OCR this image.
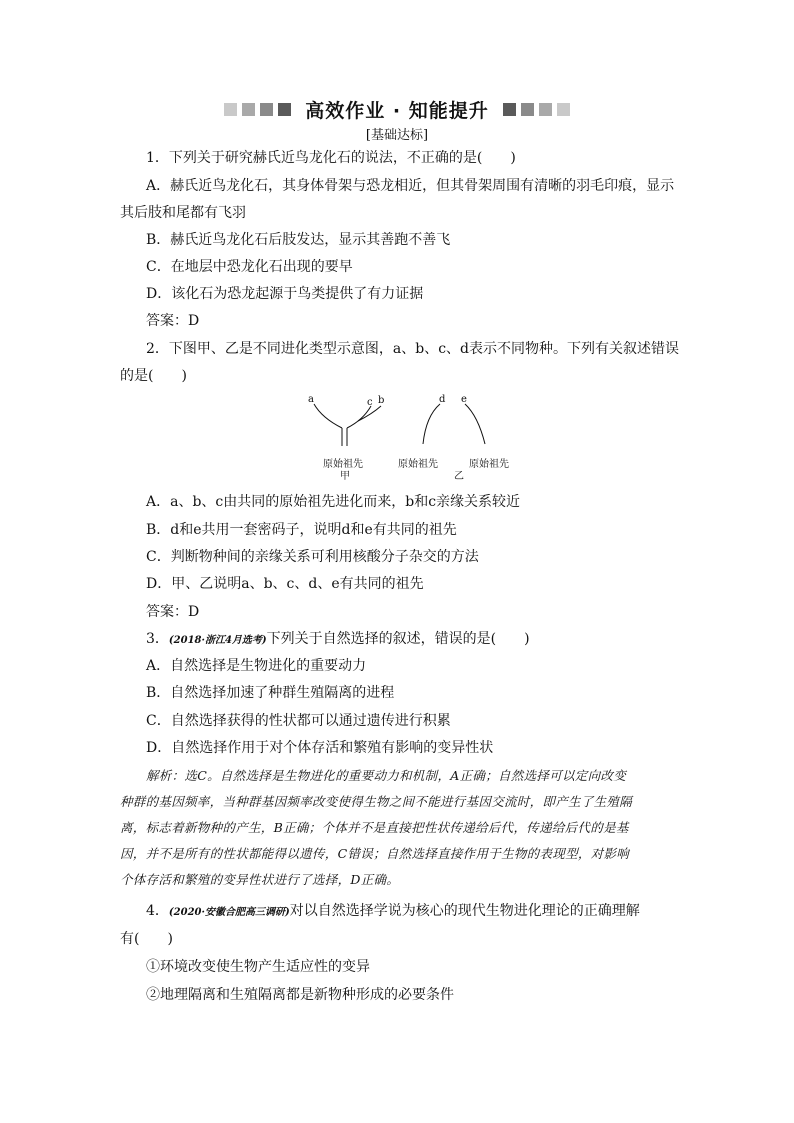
高效作业 · 知能提升
[基础达标]
1．下列关于研究赫氏近鸟龙化石的说法，不正确的是(　　)
A．赫氏近鸟龙化石，其身体骨架与恐龙相近，但其骨架周围有清晰的羽毛印痕，显示
其后肢和尾都有飞羽
B．赫氏近鸟龙化石后肢发达，显示其善跑不善飞
C．在地层中恐龙化石出现的要早
D．该化石为恐龙起源于鸟类提供了有力证据
答案：D
2．下图甲、乙是不同进化类型示意图，a、b、c、d表示不同物种。下列有关叙述错误
的是(　　)
a	c b
原始祖先
甲
d e
原始祖先	原始祖先
乙
A．a、b、c由共同的原始祖先进化而来，b和c亲缘关系较近
B．d和e共用一套密码子，说明d和e有共同的祖先
C．判断物种间的亲缘关系可利用核酸分子杂交的方法
D．甲、乙说明a、b、c、d、e有共同的祖先
答案：D
3．(2018·浙江4月选考)下列关于自然选择的叙述，错误的是(　　)
A．自然选择是生物进化的重要动力
B．自然选择加速了种群生殖隔离的进程
C．自然选择获得的性状都可以通过遗传进行积累
D．自然选择作用于对个体存活和繁殖有影响的变异性状
解析：选C。自然选择是生物进化的重要动力和机制，A正确；自然选择可以定向改变
种群的基因频率，当种群基因频率改变使得生物之间不能进行基因交流时，即产生了生殖隔
离，标志着新物种的产生，B正确；个体并不是直接把性状传递给后代，传递给后代的是基
因，并不是所有的性状都能得以遗传，C错误；自然选择直接作用于生物的表现型，对影响
个体存活和繁殖的变异性状进行了选择，D正确。
4．(2020·安徽合肥高三调研)对以自然选择学说为核心的现代生物进化理论的正确理解
有(　　)
①环境改变使生物产生适应性的变异
②地理隔离和生殖隔离都是新物种形成的必要条件
